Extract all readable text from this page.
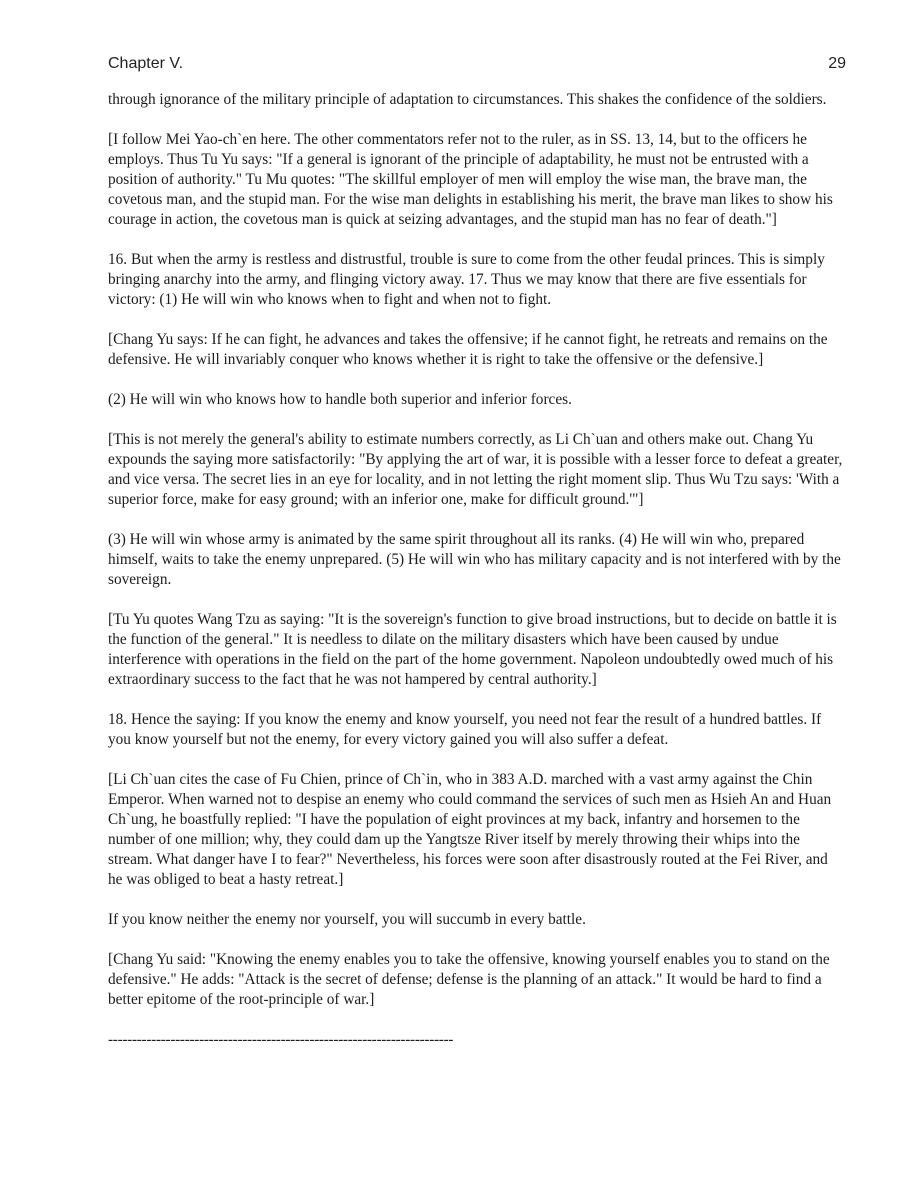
Chapter V.	29

through ignorance of the military principle of adaptation to circumstances. This shakes the confidence of the soldiers.

[I follow Mei Yao-ch`en here. The other commentators refer not to the ruler, as in SS. 13, 14, but to the officers he employs. Thus Tu Yu says: "If a general is ignorant of the principle of adaptability, he must not be entrusted with a position of authority." Tu Mu quotes: "The skillful employer of men will employ the wise man, the brave man, the covetous man, and the stupid man. For the wise man delights in establishing his merit, the brave man likes to show his courage in action, the covetous man is quick at seizing advantages, and the stupid man has no fear of death."]

16. But when the army is restless and distrustful, trouble is sure to come from the other feudal princes. This is simply bringing anarchy into the army, and flinging victory away. 17. Thus we may know that there are five essentials for victory: (1) He will win who knows when to fight and when not to fight.

[Chang Yu says: If he can fight, he advances and takes the offensive; if he cannot fight, he retreats and remains on the defensive. He will invariably conquer who knows whether it is right to take the offensive or the defensive.]

(2) He will win who knows how to handle both superior and inferior forces.

[This is not merely the general's ability to estimate numbers correctly, as Li Ch`uan and others make out. Chang Yu expounds the saying more satisfactorily: "By applying the art of war, it is possible with a lesser force to defeat a greater, and vice versa. The secret lies in an eye for locality, and in not letting the right moment slip. Thus Wu Tzu says: 'With a superior force, make for easy ground; with an inferior one, make for difficult ground.'"]

(3) He will win whose army is animated by the same spirit throughout all its ranks. (4) He will win who, prepared himself, waits to take the enemy unprepared. (5) He will win who has military capacity and is not interfered with by the sovereign.

[Tu Yu quotes Wang Tzu as saying: "It is the sovereign's function to give broad instructions, but to decide on battle it is the function of the general." It is needless to dilate on the military disasters which have been caused by undue interference with operations in the field on the part of the home government. Napoleon undoubtedly owed much of his extraordinary success to the fact that he was not hampered by central authority.]

18. Hence the saying: If you know the enemy and know yourself, you need not fear the result of a hundred battles. If you know yourself but not the enemy, for every victory gained you will also suffer a defeat.

[Li Ch`uan cites the case of Fu Chien, prince of Ch`in, who in 383 A.D. marched with a vast army against the Chin Emperor. When warned not to despise an enemy who could command the services of such men as Hsieh An and Huan Ch`ung, he boastfully replied: "I have the population of eight provinces at my back, infantry and horsemen to the number of one million; why, they could dam up the Yangtsze River itself by merely throwing their whips into the stream. What danger have I to fear?" Nevertheless, his forces were soon after disastrously routed at the Fei River, and he was obliged to beat a hasty retreat.]

If you know neither the enemy nor yourself, you will succumb in every battle.

[Chang Yu said: "Knowing the enemy enables you to take the offensive, knowing yourself enables you to stand on the defensive." He adds: "Attack is the secret of defense; defense is the planning of an attack." It would be hard to find a better epitome of the root-principle of war.]

------------------------------------------------------------------------
